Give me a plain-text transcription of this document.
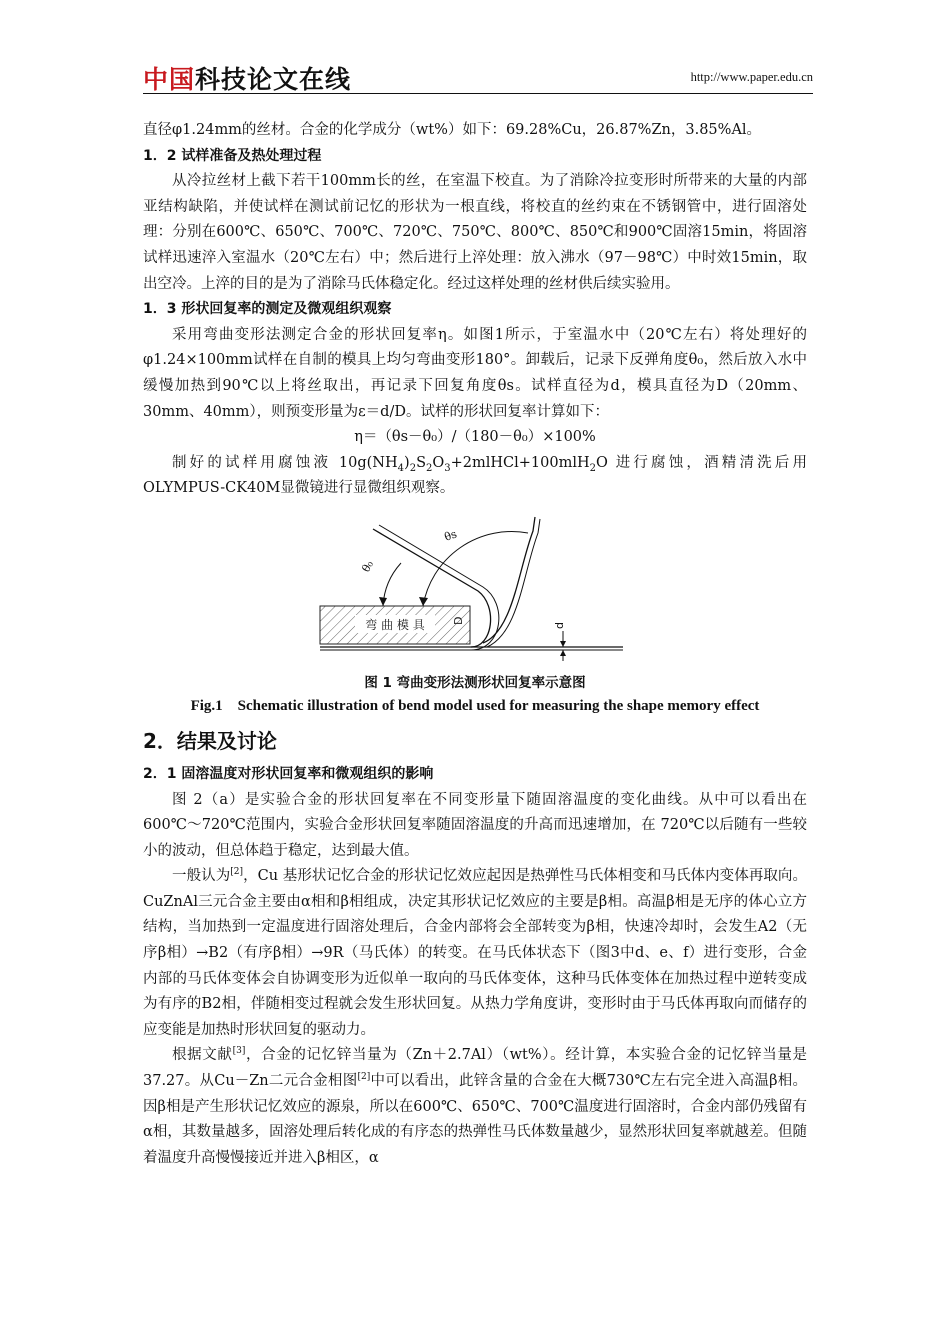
中国科技论文在线	http://www.paper.edu.cn

直径φ1.24mm的丝材。合金的化学成分（wt%）如下：69.28%Cu，26.87%Zn，3.85%Al。

1．2 试样准备及热处理过程

从冷拉丝材上截下若干100mm长的丝，在室温下校直。为了消除冷拉变形时所带来的大量的内部亚结构缺陷，并使试样在测试前记忆的形状为一根直线，将校直的丝约束在不锈钢管中，进行固溶处理：分别在600℃、650℃、700℃、720℃、750℃、800℃、850℃和900℃固溶15min，将固溶试样迅速淬入室温水（20℃左右）中；然后进行上淬处理：放入沸水（97－98℃）中时效15min，取出空冷。上淬的目的是为了消除马氏体稳定化。经过这样处理的丝材供后续实验用。

1．3 形状回复率的测定及微观组织观察

采用弯曲变形法测定合金的形状回复率η。如图1所示，于室温水中（20℃左右）将处理好的φ1.24×100mm试样在自制的模具上均匀弯曲变形180°。卸载后，记录下反弹角度θ₀，然后放入水中缓慢加热到90℃以上将丝取出，再记录下回复角度θs。试样直径为d，模具直径为D（20mm、30mm、40mm），则预变形量为ε＝d/D。试样的形状回复率计算如下：

η＝（θs－θ₀）/（180－θ₀）×100%

制好的试样用腐蚀液 $10g(NH_4)_2S_2O_3+2mlHCl+100mlH_2O$ 进行腐蚀，酒精清洗后用OLYMPUS-CK40M显微镜进行显微组织观察。

弯 曲 模 具 D
θ₀
θs
d
图 1 弯曲变形法测形状回复率示意图
Fig.1 Schematic illustration of bend model used for measuring the shape memory effect
2．结果及讨论
2．1 固溶温度对形状回复率和微观组织的影响

图 2（a）是实验合金的形状回复率在不同变形量下随固溶温度的变化曲线。从中可以看出在 600℃～720℃范围内，实验合金形状回复率随固溶温度的升高而迅速增加，在 720℃以后随有一些较小的波动，但总体趋于稳定，达到最大值。

一般认为[2]，Cu 基形状记忆合金的形状记忆效应起因是热弹性马氏体相变和马氏体内变体再取向。CuZnAl三元合金主要由α相和β相组成，决定其形状记忆效应的主要是β相。高温β相是无序的体心立方结构，当加热到一定温度进行固溶处理后，合金内部将会全部转变为β相，快速冷却时，会发生A2（无序β相）→B2（有序β相）→9R（马氏体）的转变。在马氏体状态下（图3中d、e、f）进行变形，合金内部的马氏体变体会自协调变形为近似单一取向的马氏体变体，这种马氏体变体在加热过程中逆转变成为有序的B2相，伴随相变过程就会发生形状回复。从热力学角度讲，变形时由于马氏体再取向而储存的应变能是加热时形状回复的驱动力。

根据文献[3]，合金的记忆锌当量为（Zn＋2.7Al）（wt%）。经计算，本实验合金的记忆锌当量是37.27。从Cu－Zn二元合金相图[2]中可以看出，此锌含量的合金在大概730℃左右完全进入高温β相。因β相是产生形状记忆效应的源泉，所以在600℃、650℃、700℃温度进行固溶时，合金内部仍残留有α相，其数量越多，固溶处理后转化成的有序态的热弹性马氏体数量越少，显然形状回复率就越差。但随着温度升高慢慢接近并进入β相区，α
